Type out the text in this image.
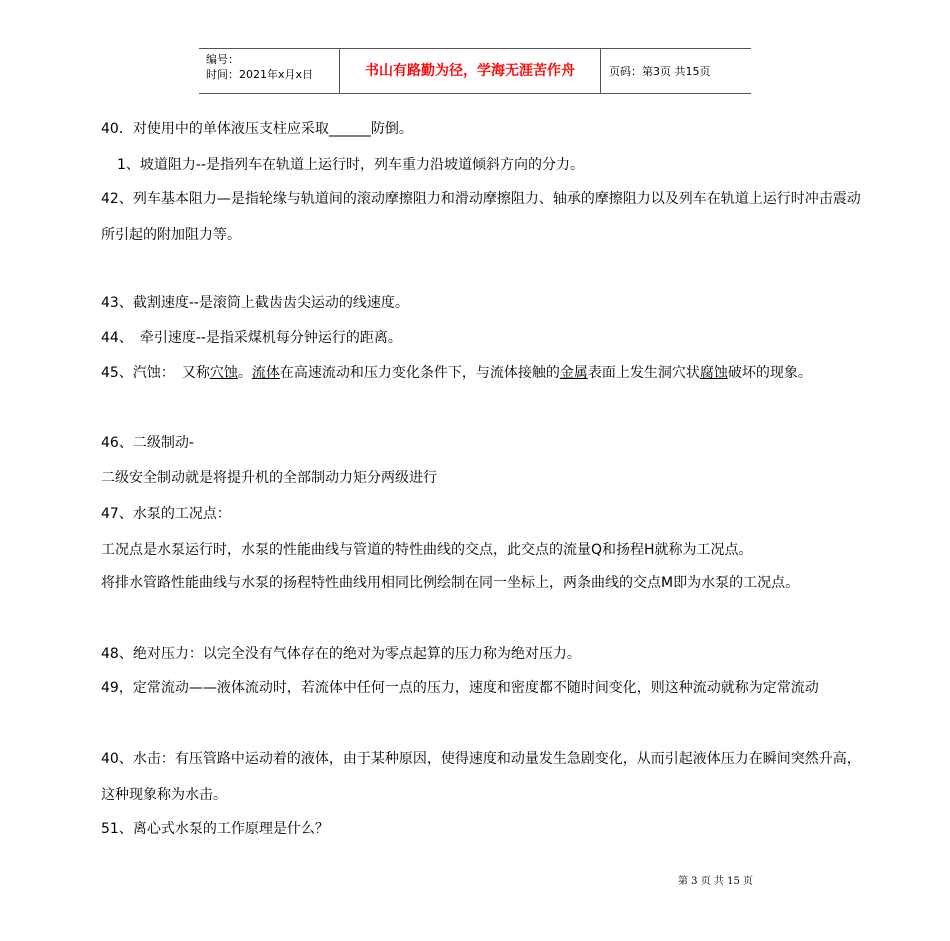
编号：
时间：2021年x月x日	书山有路勤为径，学海无涯苦作舟	页码：第3页 共15页

40．对使用中的单体液压支柱应采取______防倒。

1、坡道阻力--是指列车在轨道上运行时，列车重力沿坡道倾斜方向的分力。

42、列车基本阻力—是指轮缘与轨道间的滚动摩擦阻力和滑动摩擦阻力、轴承的摩擦阻力以及列车在轨道上运行时冲击震动所引起的附加阻力等。

43、截割速度--是滚筒上截齿齿尖运动的线速度。

44、　牵引速度--是指采煤机每分钟运行的距离。

45、汽蚀：　又称穴蚀。流体在高速流动和压力变化条件下，与流体接触的金属表面上发生洞穴状腐蚀破坏的现象。

46、二级制动-

二级安全制动就是将提升机的全部制动力矩分两级进行

47、水泵的工况点：

工况点是水泵运行时，水泵的性能曲线与管道的特性曲线的交点，此交点的流量Q和扬程H就称为工况点。

将排水管路性能曲线与水泵的扬程特性曲线用相同比例绘制在同一坐标上，两条曲线的交点M即为水泵的工况点。

48、绝对压力：以完全没有气体存在的绝对为零点起算的压力称为绝对压力。

49，定常流动——液体流动时，若流体中任何一点的压力，速度和密度都不随时间变化，则这种流动就称为定常流动

40、水击：有压管路中运动着的液体，由于某种原因，使得速度和动量发生急剧变化，从而引起液体压力在瞬间突然升高，这种现象称为水击。

51、离心式水泵的工作原理是什么？

第 3 页 共 15 页
